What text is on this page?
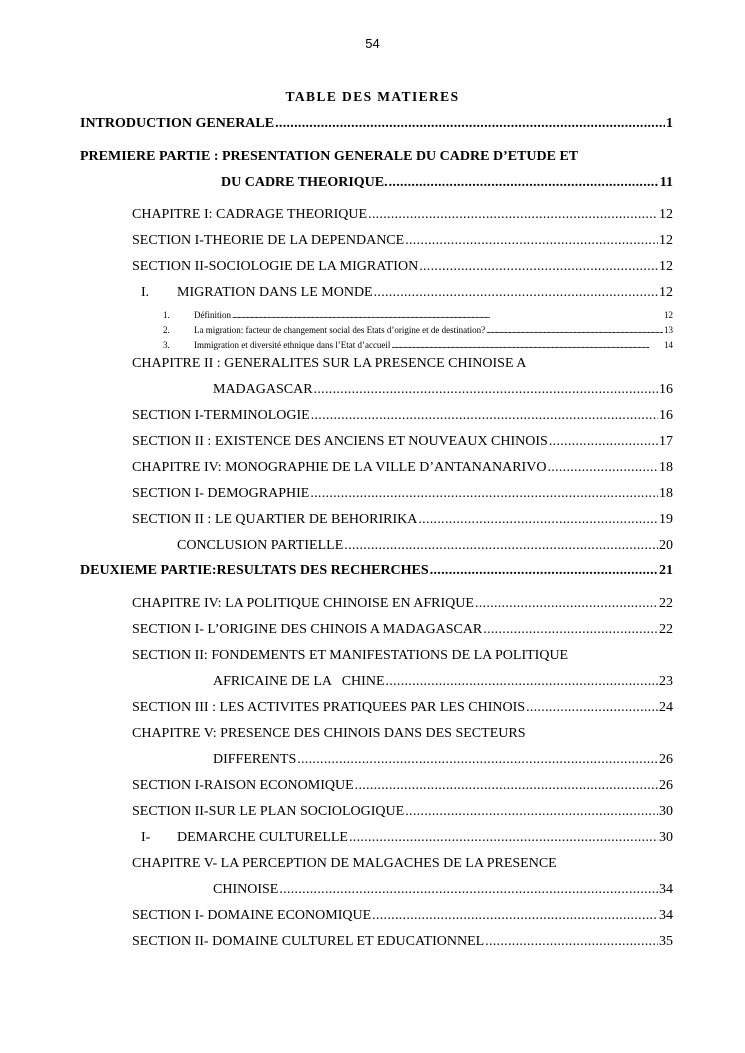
54
TABLE DES MATIERES
INTRODUCTION GENERALE . . .	1
PREMIERE PARTIE : PRESENTATION GENERALE DU CADRE D’ETUDE ET
DU CADRE THEORIQUE. . . .	11
CHAPITRE I: CADRAGE THEORIQUE . . .	12
SECTION I-THEORIE DE LA DEPENDANCE . . .	12
SECTION II-SOCIOLOGIE DE LA MIGRATION . . .	12
I. MIGRATION DANS LE MONDE . . .	12
1.	Définition . . .	12
2.	La migration: facteur de changement social des Etats d’origine et de destination? . . .	13
3.	Immigration et diversité ethnique dans l’Etat d’accueil . . .	14
CHAPITRE II : GENERALITES SUR LA PRESENCE CHINOISE A
MADAGASCAR . . .	16
SECTION I-TERMINOLOGIE . . .	16
SECTION II : EXISTENCE DES ANCIENS ET NOUVEAUX CHINOIS . . .	17
CHAPITRE IV: MONOGRAPHIE DE LA VILLE D’ANTANANARIVO . . .	18
SECTION I- DEMOGRAPHIE . . .	18
SECTION II : LE QUARTIER DE BEHORIRIKA . . .	19
CONCLUSION PARTIELLE . . .	20
DEUXIEME PARTIE:RESULTATS DES RECHERCHES . . .	21
CHAPITRE IV: LA POLITIQUE CHINOISE EN AFRIQUE . . .	22
SECTION I- L’ORIGINE DES CHINOIS A MADAGASCAR . . .	22
SECTION II: FONDEMENTS ET MANIFESTATIONS DE LA POLITIQUE
AFRICAINE DE LA   CHINE . . .	23
SECTION III : LES ACTIVITES PRATIQUEES PAR LES CHINOIS . . .	24
CHAPITRE V: PRESENCE DES CHINOIS DANS DES SECTEURS
DIFFERENTS . . .	26
SECTION I-RAISON ECONOMIQUE . . .	26
SECTION II-SUR LE PLAN SOCIOLOGIQUE . . .	30
I- DEMARCHE CULTURELLE . . .	30
CHAPITRE V- LA PERCEPTION DE MALGACHES DE LA PRESENCE
CHINOISE . . .	34
SECTION I- DOMAINE ECONOMIQUE . . .	34
SECTION II- DOMAINE CULTUREL ET EDUCATIONNEL . . .	35
